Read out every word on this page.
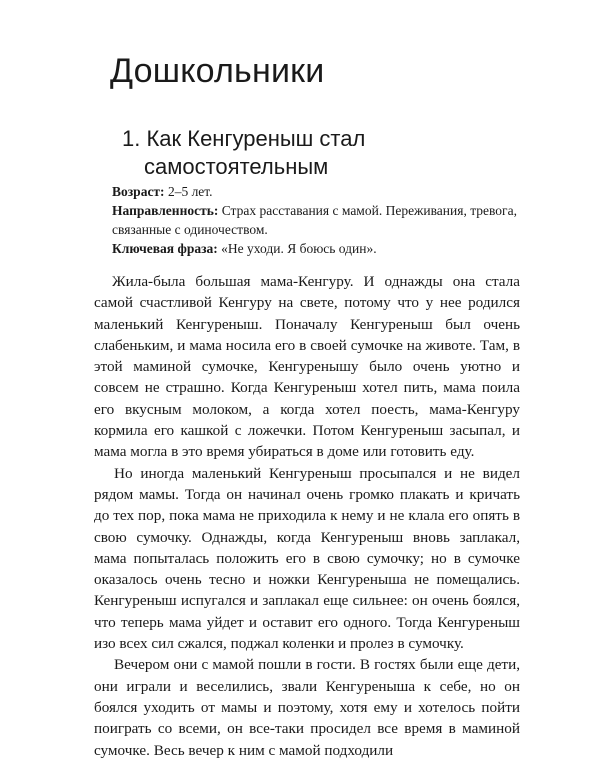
Дошкольники
1. Как Кенгуреныш стал
самостоятельным

Возраст: 2–5 лет.

Направленность: Страх расставания с мамой. Переживания, тревога, связанные с одиночеством.

Ключевая фраза: «Не уходи. Я боюсь один».

Жила-была большая мама-Кенгуру. И однажды она стала самой счастливой Кенгуру на свете, потому что у нее родился маленький Кенгуреныш. Поначалу Кенгуреныш был очень слабеньким, и мама носила его в своей сумочке на животе. Там, в этой маминой сумочке, Кенгуренышу было очень уютно и совсем не страшно. Когда Кенгуреныш хотел пить, мама поила его вкусным молоком, а когда хотел поесть, мама-Кенгуру кормила его кашкой с ложечки. Потом Кенгуреныш засыпал, и мама могла в это время убираться в доме или готовить еду.

Но иногда маленький Кенгуреныш просыпался и не видел рядом мамы. Тогда он начинал очень громко плакать и кричать до тех пор, пока мама не приходила к нему и не клала его опять в свою сумочку. Однажды, когда Кенгуреныш вновь заплакал, мама попыталась положить его в свою сумочку; но в сумочке оказалось очень тесно и ножки Кенгуреныша не помещались. Кенгуреныш испугался и заплакал еще сильнее: он очень боялся, что теперь мама уйдет и оставит его одного. Тогда Кенгуреныш изо всех сил сжался, поджал коленки и пролез в сумочку.

Вечером они с мамой пошли в гости. В гостях были еще дети, они играли и веселились, звали Кенгуреныша к себе, но он боялся уходить от мамы и поэтому, хотя ему и хотелось пойти поиграть со всеми, он все-таки просидел все время в маминой сумочке. Весь вечер к ним с мамой подходили
